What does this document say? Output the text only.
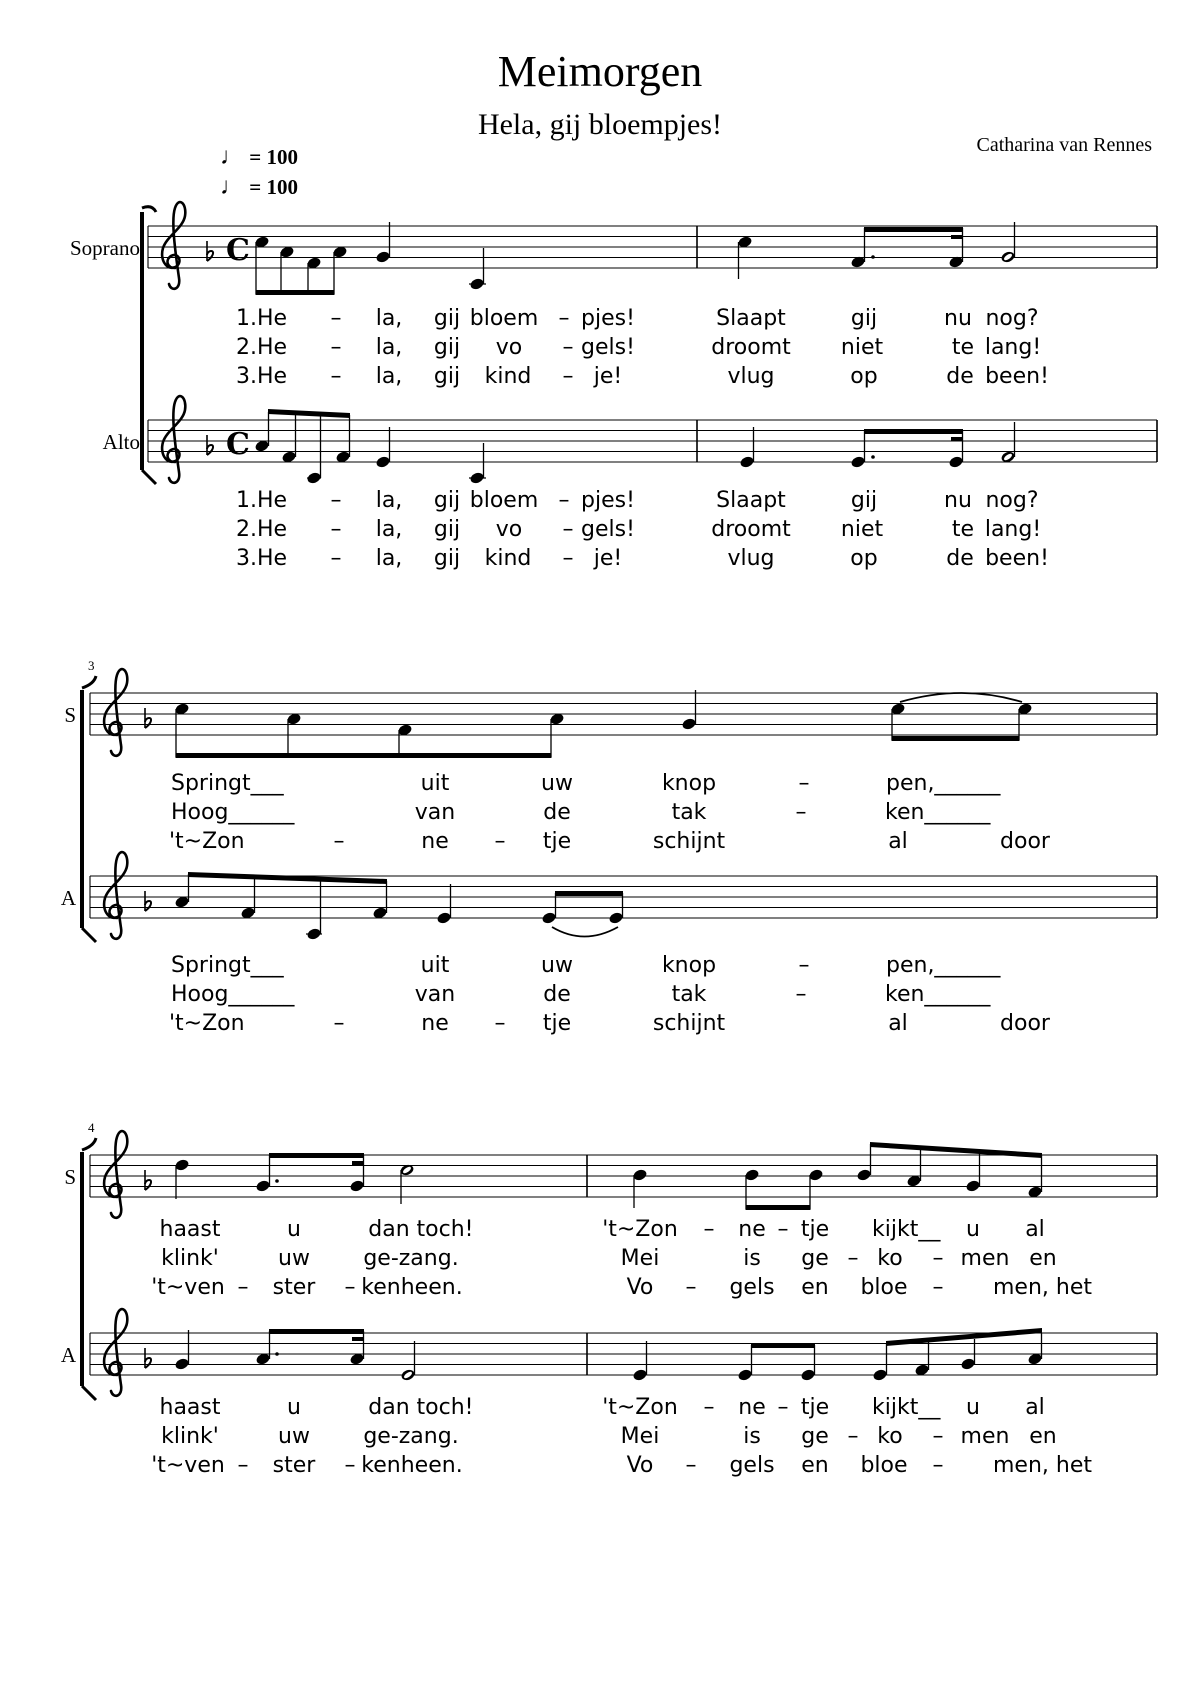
Meimorgen
Hela, gij bloempjes!
Catharina van Rennes
♩ = 100
♩ = 100
Soprano
Alto
S
A
S
A
3
4
C
C
1.He – la, gij bloem – pjes!	Slaapt	gij	nu nog?
2.He – la, gij vo – gels!	droomt niet	te lang!
3.He – la, gij kind – je!	vlug	op	de been!
1.He – la, gij bloem – pjes!	Slaapt	gij	nu nog?
2.He – la, gij vo – gels!	droomt niet	te lang!
3.He – la, gij kind – je!	vlug	op	de been!
Springt___	uit	uw	knop	–	pen,______
Hoog______	van	de	tak	–	ken______
't~Zon	–	ne – tje	schijnt	al	door
Springt___	uit	uw	knop	–	pen,______
Hoog______	van	de	tak	–	ken______
't~Zon	–	ne – tje	schijnt	al	door
haast	u	dan toch!	't~Zon – ne – tje kijkt__ u al
klink'	uw ge-zang.	Mei	is ge – ko – men en
't~ven – ster – kenheen.	Vo – gels en bloe – men, het
haast	u	dan toch!	't~Zon – ne – tje kijkt__ u al
klink'	uw ge-zang.	Mei	is ge – ko – men en
't~ven – ster – kenheen.	Vo – gels en bloe – men, het
